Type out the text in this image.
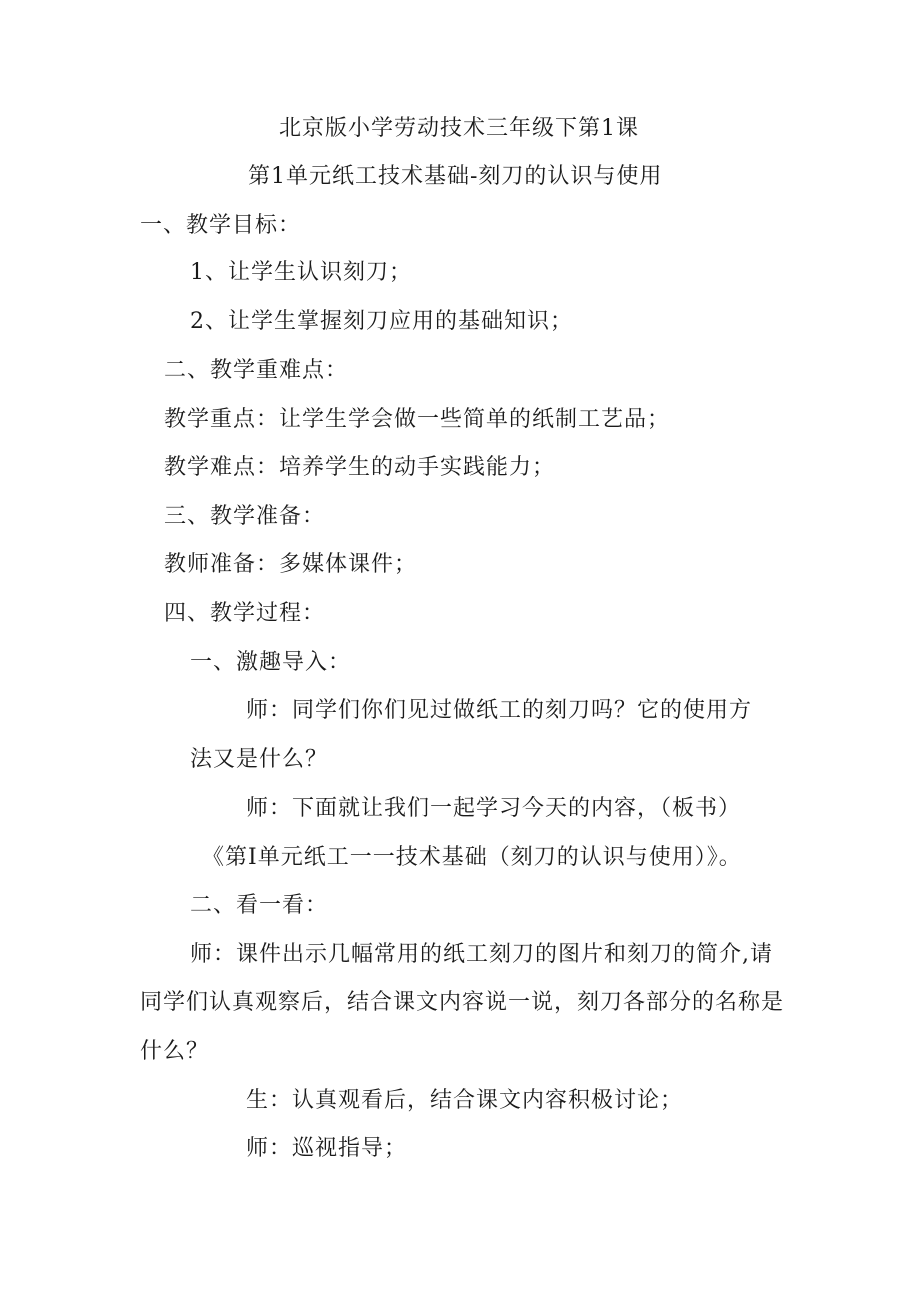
北京版小学劳动技术三年级下第1课
第1单元纸工技术基础-刻刀的认识与使用
一、教学目标：
1、让学生认识刻刀；
2、让学生掌握刻刀应用的基础知识；
二、教学重难点：
教学重点：让学生学会做一些简单的纸制工艺品；
教学难点：培养学生的动手实践能力；
三、教学准备：
教师准备：多媒体课件；
四、教学过程：
一、激趣导入：
师：同学们你们见过做纸工的刻刀吗？它的使用方
法又是什么？
师：下面就让我们一起学习今天的内容，（板书）
《第Ⅰ单元纸工一一技术基础（刻刀的认识与使用）》。
二、看一看：
师：课件出示几幅常用的纸工刻刀的图片和刻刀的简介,请
同学们认真观察后，结合课文内容说一说，刻刀各部分的名称是
什么？
生：认真观看后，结合课文内容积极讨论；
师：巡视指导；
